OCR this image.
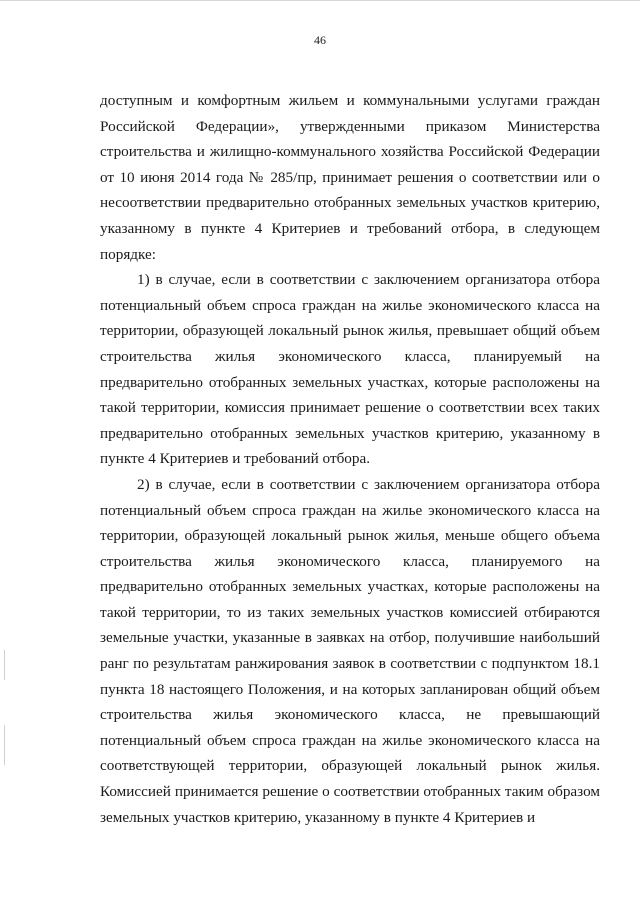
46

доступным и комфортным жильем и коммунальными услугами граждан
Российской Федерации», утвержденными приказом Министерства
строительства и жилищно-коммунального хозяйства Российской Федерации
от 10 июня 2014 года № 285/пр, принимает решения о соответствии или о
несоответствии предварительно отобранных земельных участков критерию,
указанному в пункте 4 Критериев и требований отбора, в следующем
порядке:

1) в случае, если в соответствии с заключением организатора отбора
потенциальный объем спроса граждан на жилье экономического класса на
территории, образующей локальный рынок жилья, превышает общий объем
строительства жилья экономического класса, планируемый на
предварительно отобранных земельных участках, которые расположены на
такой территории, комиссия принимает решение о соответствии всех таких
предварительно отобранных земельных участков критерию, указанному в
пункте 4 Критериев и требований отбора.

2) в случае, если в соответствии с заключением организатора отбора
потенциальный объем спроса граждан на жилье экономического класса на
территории, образующей локальный рынок жилья, меньше общего объема
строительства жилья экономического класса, планируемого на
предварительно отобранных земельных участках, которые расположены на
такой территории, то из таких земельных участков комиссией отбираются
земельные участки, указанные в заявках на отбор, получившие наибольший
ранг по результатам ранжирования заявок в соответствии с подпунктом 18.1
пункта 18 настоящего Положения, и на которых запланирован общий объем
строительства жилья экономического класса, не превышающий
потенциальный объем спроса граждан на жилье экономического класса на
соответствующей территории, образующей локальный рынок жилья.
Комиссией принимается решение о соответствии отобранных таким образом
земельных участков критерию, указанному в пункте 4 Критериев и
